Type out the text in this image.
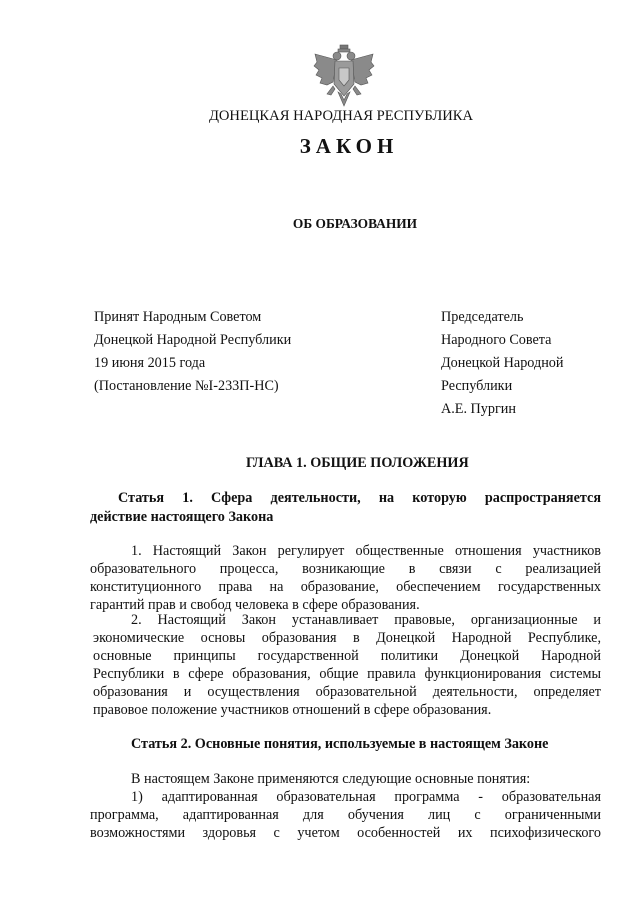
ДОНЕЦКАЯ НАРОДНАЯ РЕСПУБЛИКА
ЗАКОН
ОБ ОБРАЗОВАНИИ
Принят Народным Советом
Донецкой Народной Республики
19 июня 2015 года
(Постановление №I-233П-НС)
Председатель
Народного Совета
Донецкой Народной
Республики
А.Е. Пургин
ГЛАВА 1. ОБЩИЕ ПОЛОЖЕНИЯ
Статья 1. Сфера деятельности, на которую распространяется
действие настоящего Закона
1. Настоящий Закон регулирует общественные отношения участников
образовательного процесса, возникающие в связи с реализацией
конституционного права на образование, обеспечением государственных
гарантий прав и свобод человека в сфере образования.
2. Настоящий Закон устанавливает правовые, организационные и
экономические основы образования в Донецкой Народной Республике,
основные принципы государственной политики Донецкой Народной
Республики в сфере образования, общие правила функционирования системы
образования и осуществления образовательной деятельности, определяет
правовое положение участников отношений в сфере образования.
Статья 2. Основные понятия, используемые в настоящем Законе
В настоящем Законе применяются следующие основные понятия:
1) адаптированная образовательная программа - образовательная
программа, адаптированная для обучения лиц с ограниченными
возможностями здоровья с учетом особенностей их психофизического
